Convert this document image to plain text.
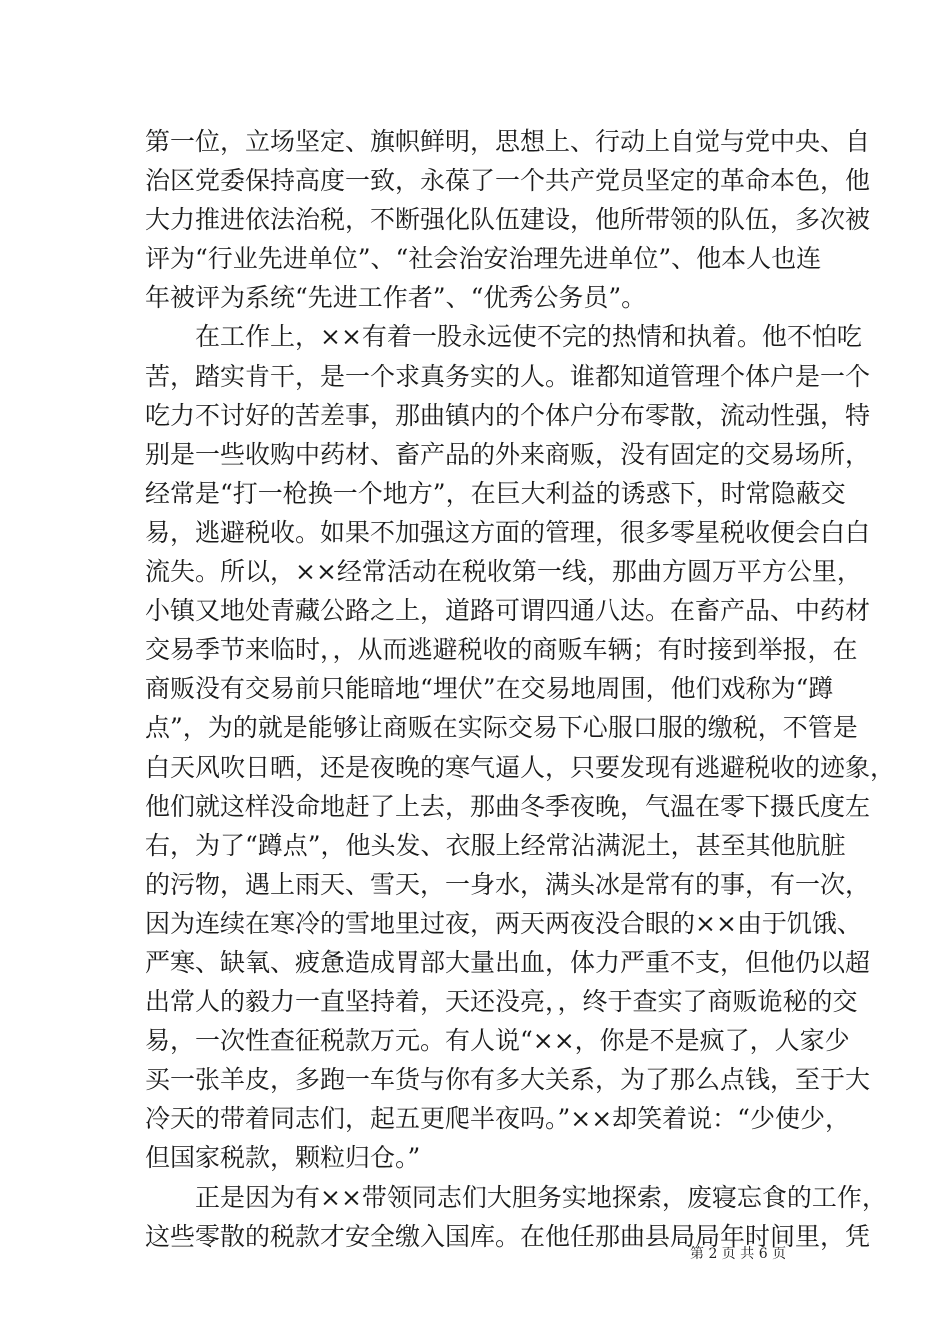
第一位，立场坚定、旗帜鲜明，思想上、行动上自觉与党中央、自
治区党委保持高度一致，永葆了一个共产党员坚定的革命本色，他
大力推进依法治税，不断强化队伍建设，他所带领的队伍，多次被
评为“行业先进单位”、“社会治安治理先进单位”、他本人也连
年被评为系统“先进工作者”、“优秀公务员”。
　　在工作上，××有着一股永远使不完的热情和执着。他不怕吃
苦，踏实肯干，是一个求真务实的人。谁都知道管理个体户是一个
吃力不讨好的苦差事，那曲镇内的个体户分布零散，流动性强，特
别是一些收购中药材、畜产品的外来商贩，没有固定的交易场所，
经常是“打一枪换一个地方”，在巨大利益的诱惑下，时常隐蔽交
易，逃避税收。如果不加强这方面的管理，很多零星税收便会白白
流失。所以，××经常活动在税收第一线，那曲方圆万平方公里，
小镇又地处青藏公路之上，道路可谓四通八达。在畜产品、中药材
交易季节来临时，，从而逃避税收的商贩车辆；有时接到举报，在
商贩没有交易前只能暗地“埋伏”在交易地周围，他们戏称为“蹲
点”，为的就是能够让商贩在实际交易下心服口服的缴税，不管是
白天风吹日晒，还是夜晚的寒气逼人，只要发现有逃避税收的迹象，
他们就这样没命地赶了上去，那曲冬季夜晚，气温在零下摄氏度左
右，为了“蹲点”，他头发、衣服上经常沾满泥土，甚至其他肮脏
的污物，遇上雨天、雪天，一身水，满头冰是常有的事，有一次，
因为连续在寒冷的雪地里过夜，两天两夜没合眼的××由于饥饿、
严寒、缺氧、疲惫造成胃部大量出血，体力严重不支，但他仍以超
出常人的毅力一直坚持着，天还没亮，，终于查实了商贩诡秘的交
易，一次性查征税款万元。有人说“××，你是不是疯了，人家少
买一张羊皮，多跑一车货与你有多大关系，为了那么点钱，至于大
冷天的带着同志们，起五更爬半夜吗。”××却笑着说：“少使少，
但国家税款，颗粒归仓。”
　　正是因为有××带领同志们大胆务实地探索，废寝忘食的工作，
这些零散的税款才安全缴入国库。在他任那曲县局局年时间里，凭
第 2 页 共 6 页
